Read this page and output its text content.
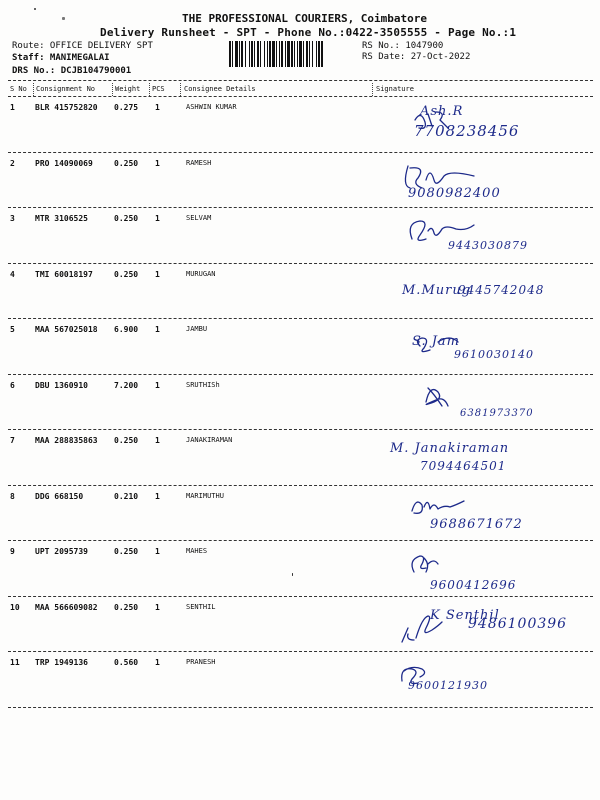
THE PROFESSIONAL COURIERS, Coimbatore
Delivery Runsheet - SPT - Phone No.:0422-3505555 - Page No.:1
Route: OFFICE DELIVERY SPT
Staff: MANIMEGALAI
DRS No.: DCJB104790001
RS No.: 1047900
RS Date: 27-Oct-2022
S No Consignment No	Weight PCS	Consignee Details	Signature
1	BLR 415752820 0.275 1	ASHWIN KUMAR	Ash.R
7708238456
2	PRO 14090069	0.250 1	RAMESH
9080982400
3	MTR 3106525	0.250 1	SELVAM
9443030879
4	TMI 60018197	0.250 1	MURUGAN
M.Murug
9445742048
5	MAA 567025018 6.900 1	JAMBU
S. Jam
9610030140
6	DBU 1360910	7.200 1	SRUTHISh
6381973370
7	MAA 288835863 0.250 1	JANAKIRAMAN
M. Janakiraman
7094464501
8	DDG 668150	0.210 1	MARIMUTHU
9688671672
9	UPT 2095739	0.250 1	MAHES
9600412696
10 MAA 566609082 0.250 1	SENTHIL
K Senthil
9486100396
11 TRP 1949136	0.560 1	PRANESH
9600121930
